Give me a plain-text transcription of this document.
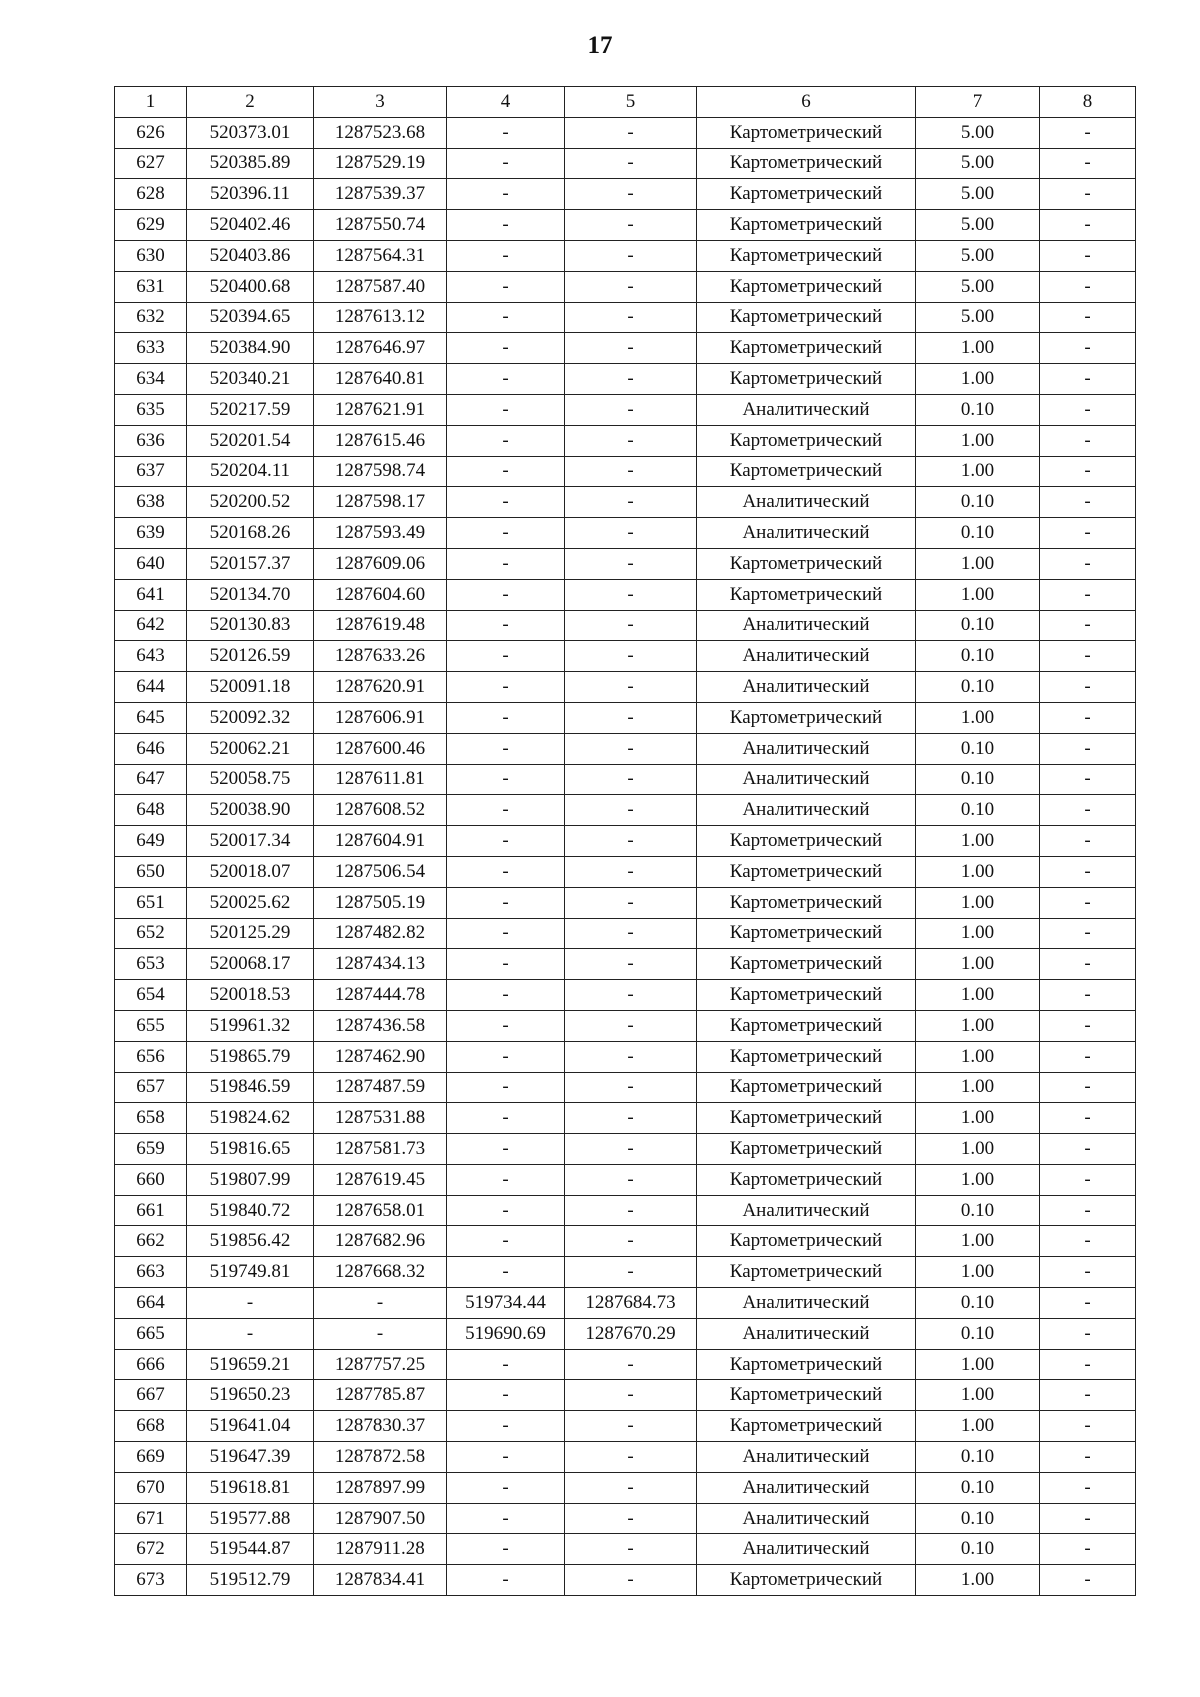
17
1	2	3	4	5	6	7	8
626	520373.01	1287523.68	-	-	Картометрический	5.00	-
627	520385.89	1287529.19	-	-	Картометрический	5.00	-
628	520396.11	1287539.37	-	-	Картометрический	5.00	-
629	520402.46	1287550.74	-	-	Картометрический	5.00	-
630	520403.86	1287564.31	-	-	Картометрический	5.00	-
631	520400.68	1287587.40	-	-	Картометрический	5.00	-
632	520394.65	1287613.12	-	-	Картометрический	5.00	-
633	520384.90	1287646.97	-	-	Картометрический	1.00	-
634	520340.21	1287640.81	-	-	Картометрический	1.00	-
635	520217.59	1287621.91	-	-	Аналитический	0.10	-
636	520201.54	1287615.46	-	-	Картометрический	1.00	-
637	520204.11	1287598.74	-	-	Картометрический	1.00	-
638	520200.52	1287598.17	-	-	Аналитический	0.10	-
639	520168.26	1287593.49	-	-	Аналитический	0.10	-
640	520157.37	1287609.06	-	-	Картометрический	1.00	-
641	520134.70	1287604.60	-	-	Картометрический	1.00	-
642	520130.83	1287619.48	-	-	Аналитический	0.10	-
643	520126.59	1287633.26	-	-	Аналитический	0.10	-
644	520091.18	1287620.91	-	-	Аналитический	0.10	-
645	520092.32	1287606.91	-	-	Картометрический	1.00	-
646	520062.21	1287600.46	-	-	Аналитический	0.10	-
647	520058.75	1287611.81	-	-	Аналитический	0.10	-
648	520038.90	1287608.52	-	-	Аналитический	0.10	-
649	520017.34	1287604.91	-	-	Картометрический	1.00	-
650	520018.07	1287506.54	-	-	Картометрический	1.00	-
651	520025.62	1287505.19	-	-	Картометрический	1.00	-
652	520125.29	1287482.82	-	-	Картометрический	1.00	-
653	520068.17	1287434.13	-	-	Картометрический	1.00	-
654	520018.53	1287444.78	-	-	Картометрический	1.00	-
655	519961.32	1287436.58	-	-	Картометрический	1.00	-
656	519865.79	1287462.90	-	-	Картометрический	1.00	-
657	519846.59	1287487.59	-	-	Картометрический	1.00	-
658	519824.62	1287531.88	-	-	Картометрический	1.00	-
659	519816.65	1287581.73	-	-	Картометрический	1.00	-
660	519807.99	1287619.45	-	-	Картометрический	1.00	-
661	519840.72	1287658.01	-	-	Аналитический	0.10	-
662	519856.42	1287682.96	-	-	Картометрический	1.00	-
663	519749.81	1287668.32	-	-	Картометрический	1.00	-
664	-	-	519734.44	1287684.73	Аналитический	0.10	-
665	-	-	519690.69	1287670.29	Аналитический	0.10	-
666	519659.21	1287757.25	-	-	Картометрический	1.00	-
667	519650.23	1287785.87	-	-	Картометрический	1.00	-
668	519641.04	1287830.37	-	-	Картометрический	1.00	-
669	519647.39	1287872.58	-	-	Аналитический	0.10	-
670	519618.81	1287897.99	-	-	Аналитический	0.10	-
671	519577.88	1287907.50	-	-	Аналитический	0.10	-
672	519544.87	1287911.28	-	-	Аналитический	0.10	-
673	519512.79	1287834.41	-	-	Картометрический	1.00	-
